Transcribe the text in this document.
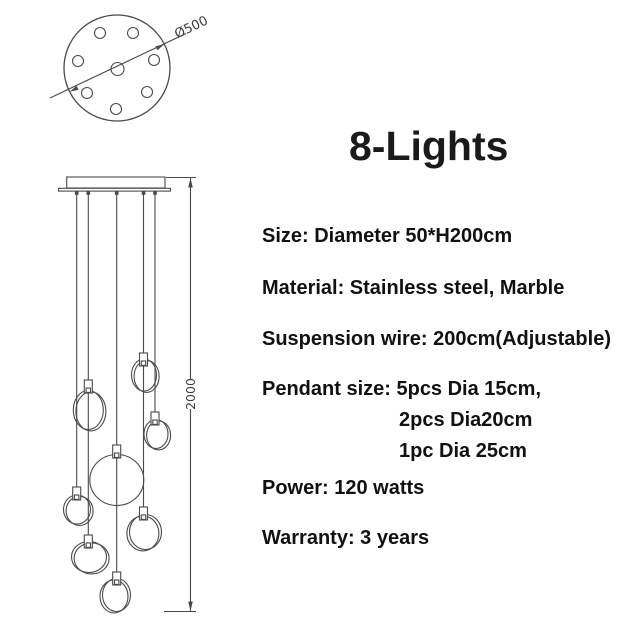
Ø500
2000
8-Lights
Size: Diameter 50*H200cm
Material: Stainless steel, Marble
Suspension wire: 200cm(Adjustable)
Pendant size: 5pcs Dia 15cm,
2pcs Dia20cm
1pc Dia 25cm
Power: 120 watts
Warranty: 3 years
